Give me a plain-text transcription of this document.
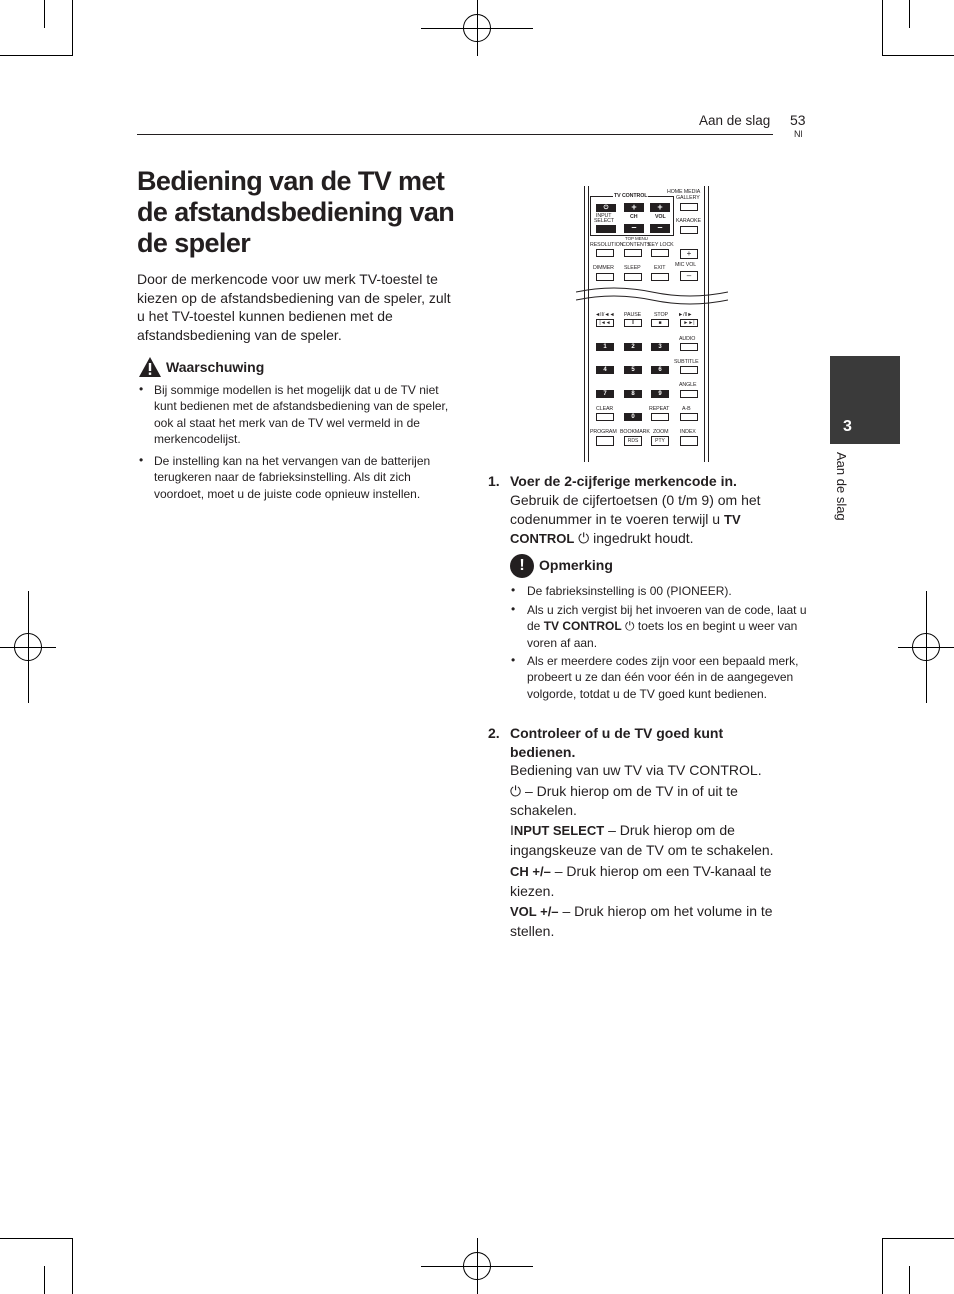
Aan de slag 53
Nl
3
Aan de slag
Bediening van de TV met de afstandsbediening van de speler
Door de merkencode voor uw merk TV-toestel te kiezen op de afstandsbediening van de speler, zult u het TV-toestel kunnen bedienen met de afstandsbediening van de speler.
Waarschuwing
• Bij sommige modellen is het mogelijk dat u de TV niet kunt bedienen met de afstandsbediening van de speler, ook al staat het merk van de TV wel vermeld in de merkencodelijst.
• De instelling kan na het vervangen van de batterijen terugkeren naar de fabrieksinstelling. Als dit zich voordoet, moet u de juiste code opnieuw instellen.
TV CONTROL
⏻
INPUT
SELECT
+
CH
–
+
VOL
–
HOME MEDIA
GALLERY
KARAOKE
TOP MENU
RESOLUTION
CONTENTS
KEY LOCK
+
MIC VOL
–
DIMMER SLEEP	EXIT
◄II/◄◄ PAUSE STOP ►/II►
|◄◄	II	■	►►|
AUDIO
1	2	3
SUBTITLE
4	5	6
ANGLE
7	8	9
CLEAR	REPEAT A-B
0
PROGRAM BOOKMARK ZOOM INDEX
RDS	PTY
1. Voer de 2-cijferige merkencode in.
Gebruik de cijfertoetsen (0 t/m 9) om het codenummer in te voeren terwijl u TV CONTROL ⏻ ingedrukt houdt.
!	Opmerking
• De fabrieksinstelling is 00 (PIONEER).
• Als u zich vergist bij het invoeren van de code, laat u de TV CONTROL ⏻ toets los en begint u weer van voren af aan.
• Als er meerdere codes zijn voor een bepaald merk, probeert u ze dan één voor één in de aangegeven volgorde, totdat u de TV goed kunt bedienen.
2. Controleer of u de TV goed kunt
bedienen.
Bediening van uw TV via TV CONTROL.
⏻ – Druk hierop om de TV in of uit te schakelen.
INPUT SELECT – Druk hierop om de ingangskeuze van de TV om te schakelen.
CH +/– – Druk hierop om een TV-kanaal te kiezen.
VOL +/– – Druk hierop om het volume in te stellen.
